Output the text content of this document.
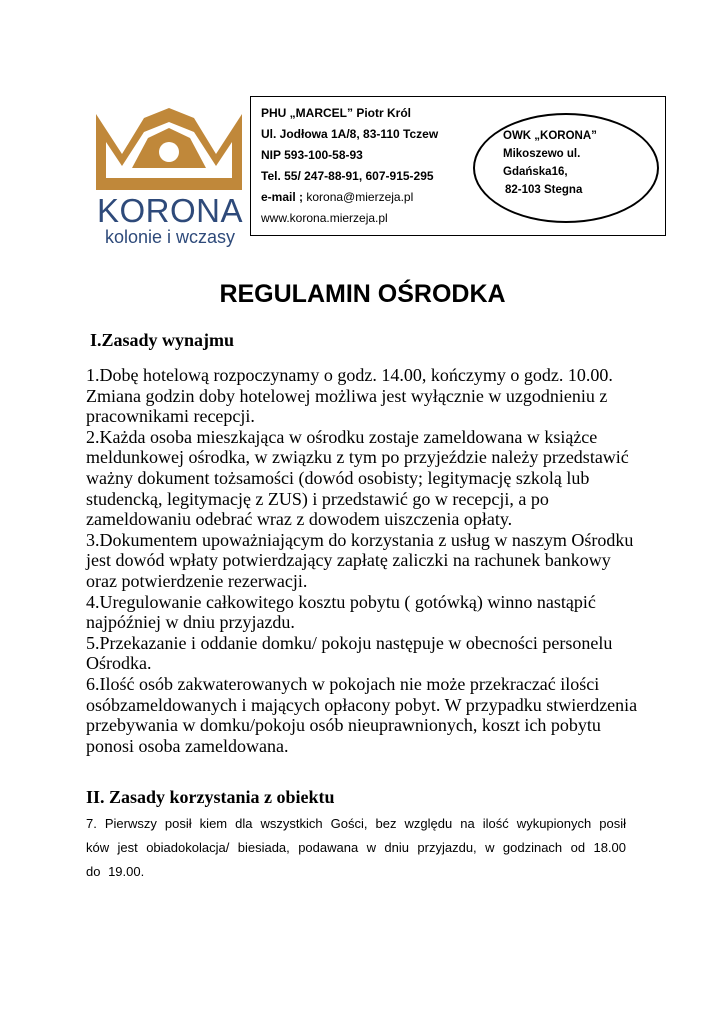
KORONA
kolonie i wczasy
PHU „MARCEL” Piotr Król
Ul. Jodłowa 1A/8, 83-110 Tczew
NIP 593-100-58-93
Tel. 55/ 247-88-91, 607-915-295
e-mail ; korona@mierzeja.pl
www.korona.mierzeja.pl
OWK „KORONA”
Mikoszewo ul.
Gdańska16,
82-103 Stegna
REGULAMIN OŚRODKA
I.Zasady wynajmu

1.Dobę hotelową rozpoczynamy o godz. 14.00, kończymy o godz. 10.00. Zmiana godzin doby hotelowej możliwa jest wyłącznie w uzgodnieniu z pracownikami recepcji.

2.Każda osoba mieszkająca w ośrodku zostaje zameldowana w książce meldunkowej ośrodka, w związku z tym po przyjeździe należy przedstawić ważny dokument tożsamości (dowód osobisty; legitymację szkolą lub studencką, legitymację z ZUS) i przedstawić go w recepcji, a po zameldowaniu odebrać wraz z dowodem uiszczenia opłaty.

3.Dokumentem upoważniającym do korzystania z usług w naszym Ośrodku jest dowód wpłaty potwierdzający zapłatę zaliczki na rachunek bankowy oraz potwierdzenie rezerwacji.

4.Uregulowanie całkowitego kosztu pobytu ( gotówką) winno nastąpić najpóźniej w dniu przyjazdu.

5.Przekazanie i oddanie domku/ pokoju następuje w obecności personelu Ośrodka.

6.Ilość osób zakwaterowanych w pokojach nie może przekraczać ilości osóbzameldowanych i mających opłacony pobyt. W przypadku stwierdzenia przebywania w domku/pokoju osób nieuprawnionych, koszt ich pobytu ponosi osoba zameldowana.

II. Zasady korzystania z obiektu
7. Pierwszy posił kiem dla wszystkich Gości, bez względu na ilość wykupionych posił ków jest obiadokolacja/ biesiada, podawana w dniu przyjazdu, w godzinach od 18.00 do 19.00.
